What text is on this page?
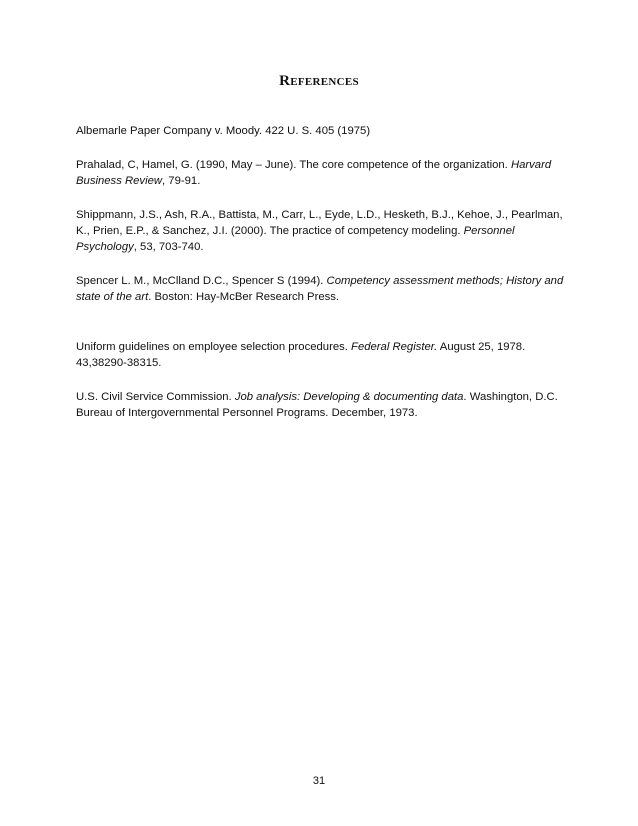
References

Albemarle Paper Company v. Moody. 422 U. S. 405 (1975)

Prahalad, C, Hamel, G. (1990, May – June). The core competence of the organization. Harvard Business Review, 79-91.

Shippmann, J.S., Ash, R.A., Battista, M., Carr, L., Eyde, L.D., Hesketh, B.J., Kehoe, J., Pearlman, K., Prien, E.P., & Sanchez, J.I. (2000). The practice of competency modeling. Personnel Psychology, 53, 703-740.

Spencer L. M., McClland D.C., Spencer S (1994). Competency assessment methods; History and state of the art. Boston: Hay-McBer Research Press.

Uniform guidelines on employee selection procedures. Federal Register. August 25, 1978. 43,38290-38315.

U.S. Civil Service Commission. Job analysis: Developing & documenting data. Washington, D.C. Bureau of Intergovernmental Personnel Programs. December, 1973.

31
